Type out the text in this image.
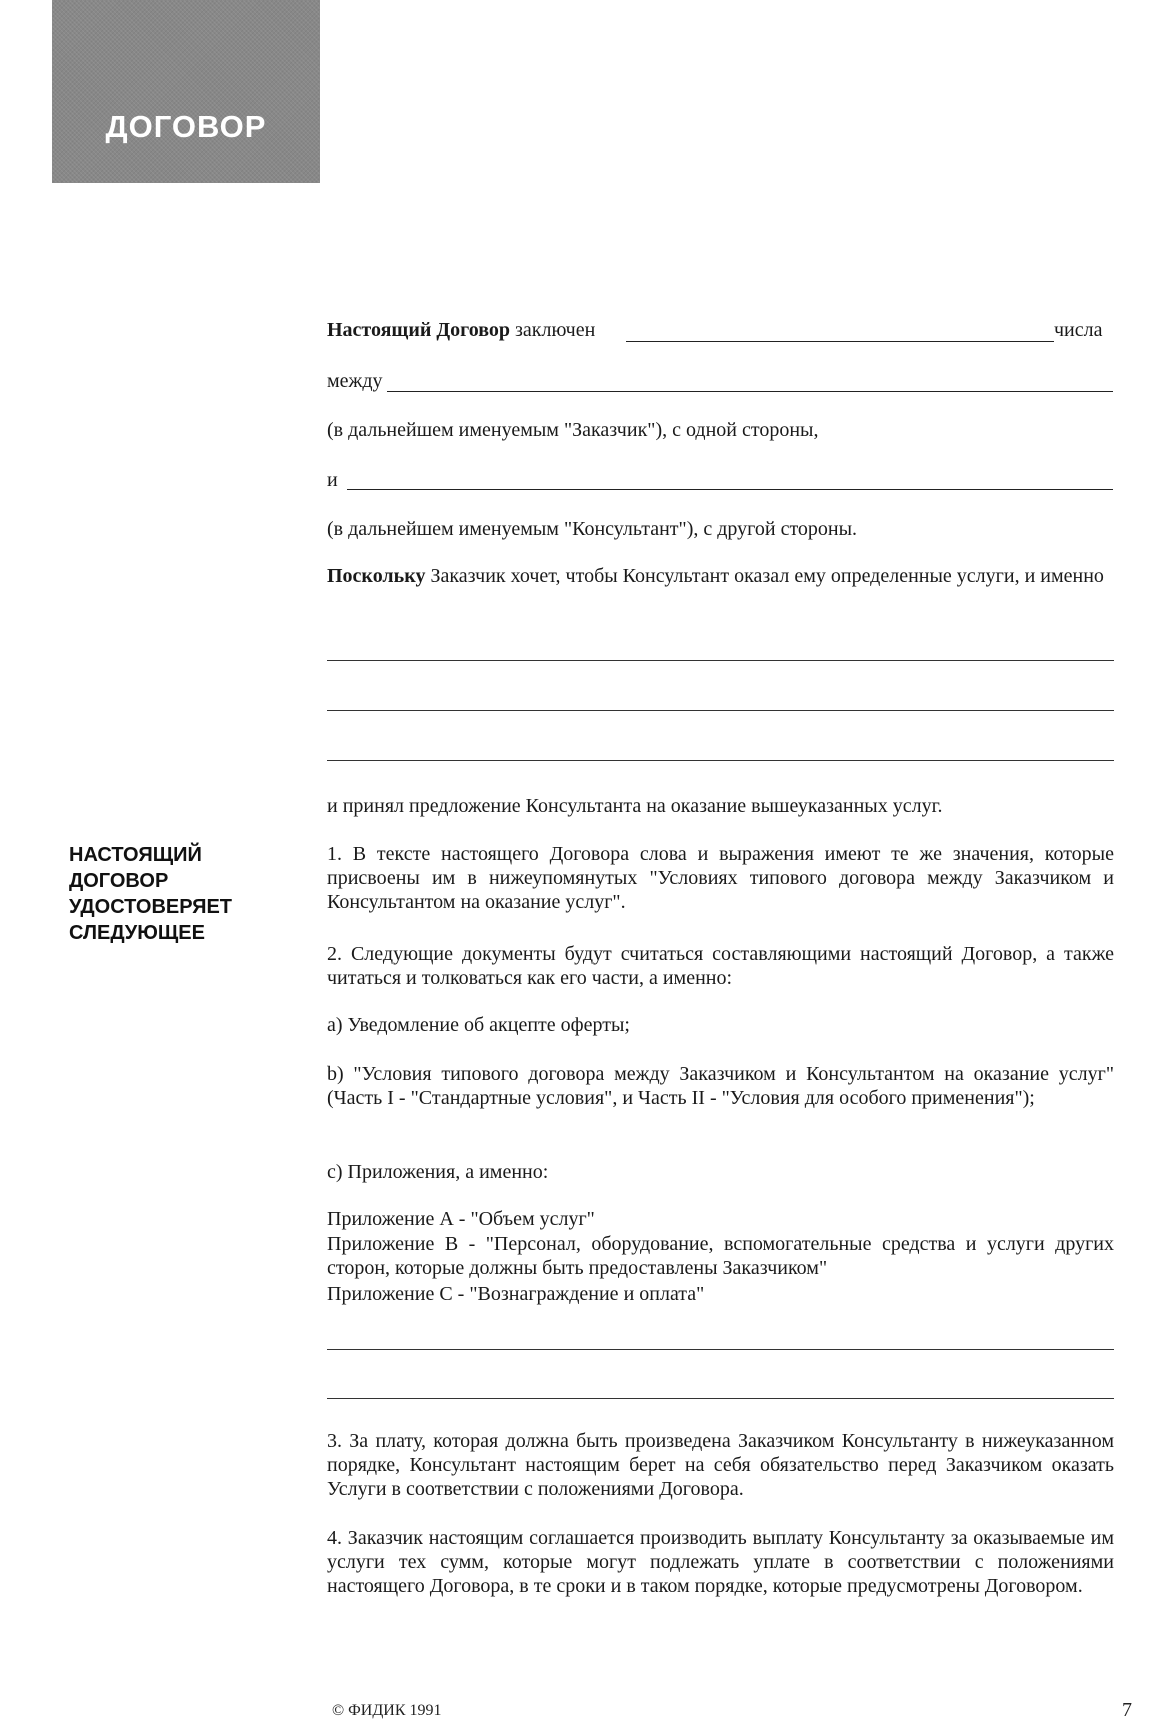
ДОГОВОР
НАСТОЯЩИЙ
ДОГОВОР
УДОСТОВЕРЯЕТ
СЛЕДУЮЩЕЕ
Настоящий Договор заключен	числа
между
(в дальнейшем именуемым "Заказчик"), с одной стороны,
и
(в дальнейшем именуемым "Консультант"), с другой стороны.
Поскольку Заказчик хочет, чтобы Консультант оказал ему определенные услуги, и именно
и принял предложение Консультанта на оказание вышеуказанных услуг.
1. В тексте настоящего Договора слова и выражения имеют те же значения, которые присвоены им в нижеупомянутых "Условиях типового договора между Заказчиком и Консультантом на оказание услуг".
2. Следующие документы будут считаться составляющими настоящий Договор, а также читаться и толковаться как его части, а именно:
а) Уведомление об акцепте оферты;
b) "Условия типового договора между Заказчиком и Консультантом на оказание услуг" (Часть I - "Стандартные условия", и Часть II - "Условия для особого применения");
с) Приложения, а именно:
Приложение А - "Объем услуг"
Приложение В - "Персонал, оборудование, вспомогательные средства и услуги других сторон, которые должны быть предоставлены Заказчиком"
Приложение С - "Вознаграждение и оплата"
3. За плату, которая должна быть произведена Заказчиком Консультанту в нижеуказанном порядке, Консультант настоящим берет на себя обязательство перед Заказчиком оказать Услуги в соответствии с положениями Договора.
4. Заказчик настоящим соглашается производить выплату Консультанту за оказываемые им услуги тех сумм, которые могут подлежать уплате в соответствии с положениями настоящего Договора, в те сроки и в таком порядке, которые предусмотрены Договором.
© ФИДИК 1991	7
